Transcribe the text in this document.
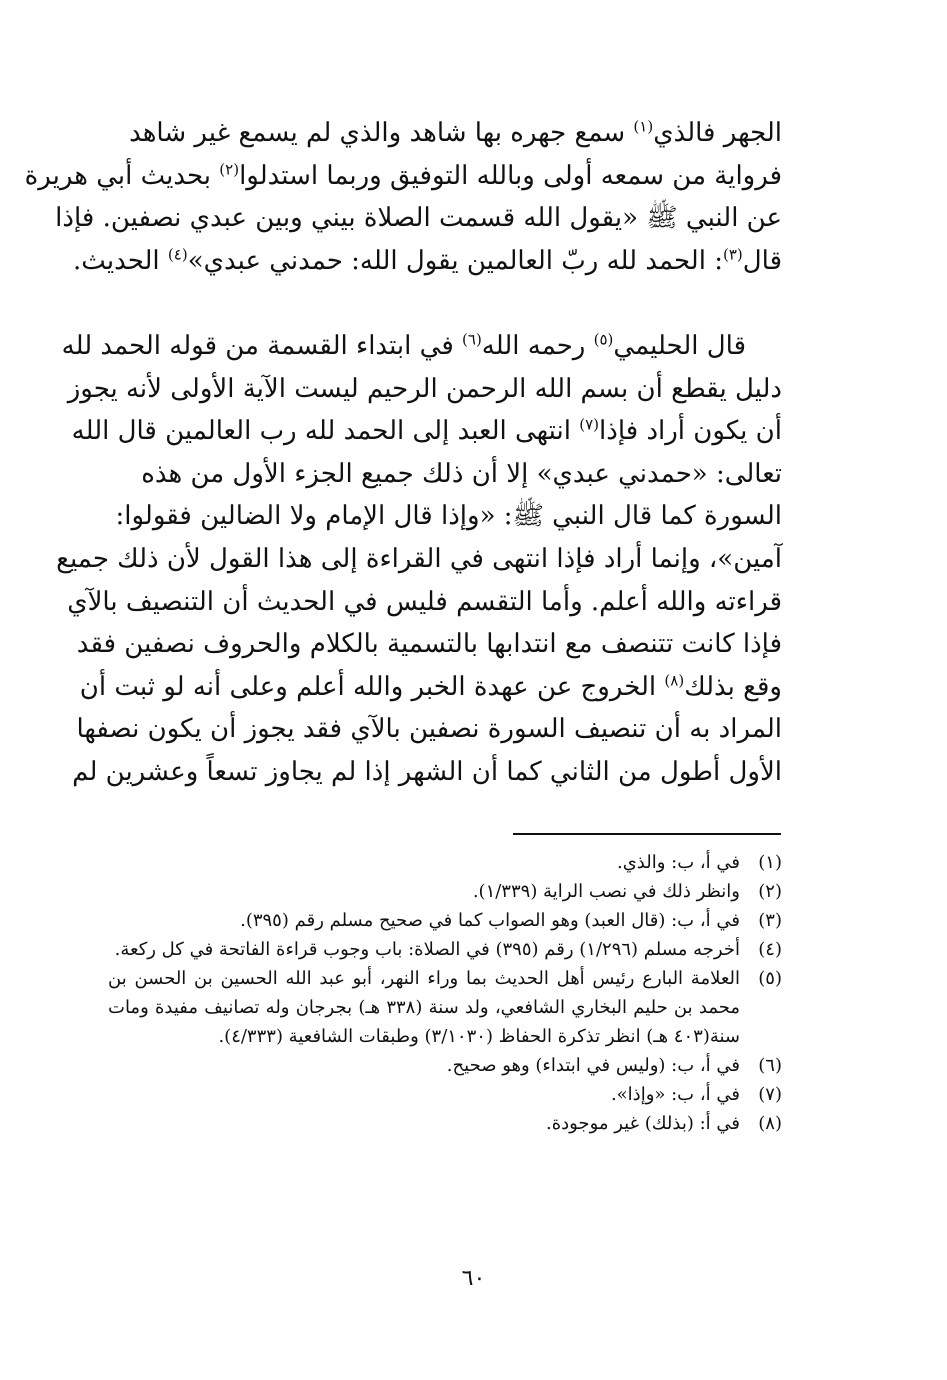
الجهر فالذي$^{(١)}$ سمع جهره بها شاهد والذي لم يسمع غير شاهد
فرواية من سمعه أولى وبالله التوفيق وربما استدلوا$^{(٢)}$ بحديث أبي هريرة
عن النبي ﷺ «يقول الله قسمت الصلاة بيني وبين عبدي نصفين. فإذا
قال$^{(٣)}$: الحمد لله ربّ العالمين يقول الله: حمدني عبدي»$^{(٤)}$ الحديث.
قال الحليمي$^{(٥)}$ رحمه الله$^{(٦)}$ في ابتداء القسمة من قوله الحمد لله
دليل يقطع أن بسم الله الرحمن الرحيم ليست الآية الأولى لأنه يجوز
أن يكون أراد فإذا$^{(٧)}$ انتهى العبد إلى الحمد لله رب العالمين قال الله
تعالى: «حمدني عبدي» إلا أن ذلك جميع الجزء الأول من هذه
السورة كما قال النبي ﷺ: «وإذا قال الإمام ولا الضالين فقولوا:
آمين»، وإنما أراد فإذا انتهى في القراءة إلى هذا القول لأن ذلك جميع
قراءته والله أعلم. وأما التقسم فليس في الحديث أن التنصيف بالآي
فإذا كانت تتنصف مع انتدابها بالتسمية بالكلام والحروف نصفين فقد
وقع بذلك$^{(٨)}$ الخروج عن عهدة الخبر والله أعلم وعلى أنه لو ثبت أن
المراد به أن تنصيف السورة نصفين بالآي فقد يجوز أن يكون نصفها
الأول أطول من الثاني كما أن الشهر إذا لم يجاوز تسعاً وعشرين لم
(١)
في أ، ب: والذي.
(٢)
وانظر ذلك في نصب الراية (١/٣٣٩).
(٣)
في أ، ب: (قال العبد) وهو الصواب كما في صحيح مسلم رقم (٣٩٥).
(٤)
أخرجه مسلم (١/٢٩٦) رقم (٣٩٥) في الصلاة: باب وجوب قراءة الفاتحة في كل ركعة.
(٥)
العلامة البارع رئيس أهل الحديث بما وراء النهر، أبو عبد الله الحسين بن الحسن بن محمد بن حليم البخاري الشافعي، ولد سنة (٣٣٨ هـ) بجرجان وله تصانيف مفيدة ومات سنة(٤٠٣ هـ) انظر تذكرة الحفاظ (٣/١٠٣٠) وطبقات الشافعية (٤/٣٣٣).
(٦)
في أ، ب: (وليس في ابتداء) وهو صحيح.
(٧)
في أ، ب: «وإذا».
(٨)
في أ: (بذلك) غير موجودة.
٦٠
